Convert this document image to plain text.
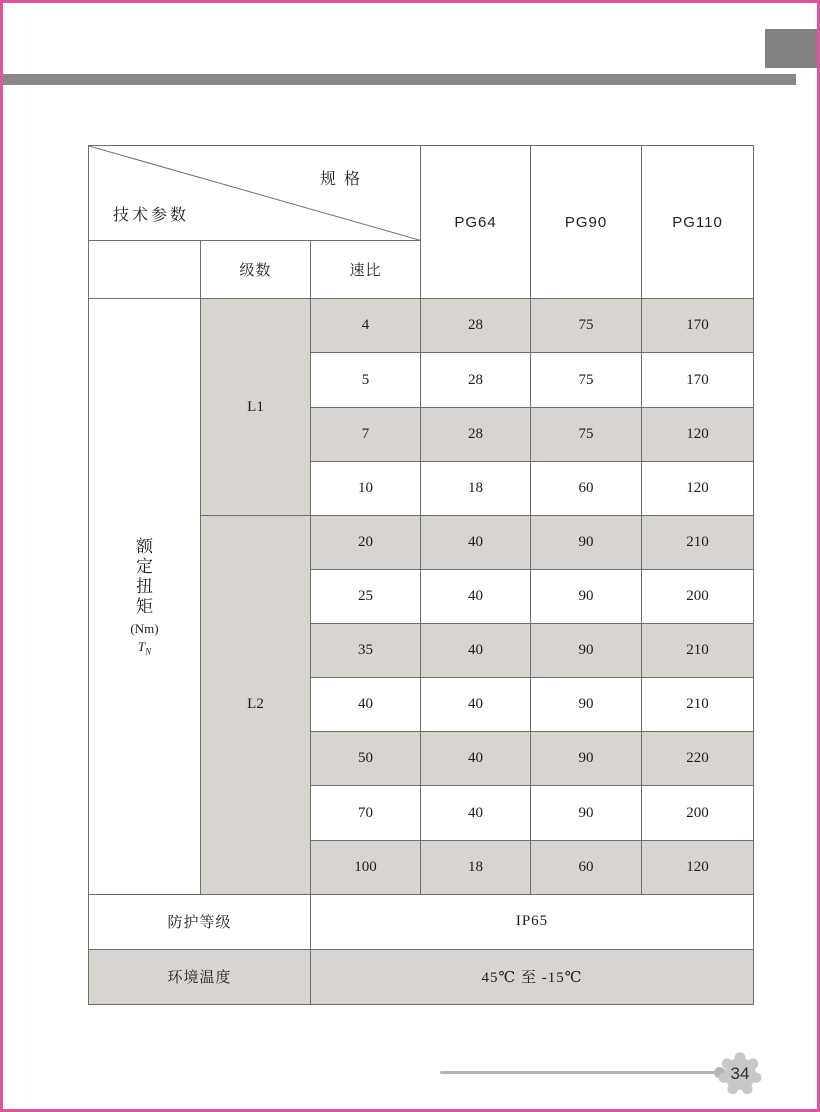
规 格
技术参数			PG64	PG90	PG110
	级数	速比			

额定扭矩
(Nm)
$T_N$	L1	4	28	75	170
		5	28	75	170
		7	28	75	120
		10	18	60	120
	L2	20	40	90	210
		25	40	90	200
		35	40	90	210
		40	40	90	210
		50	40	90	220
		70	40	90	200
		100	18	60	120
防护等级		IP65			
环境温度		45℃ 至 -15℃			
34
